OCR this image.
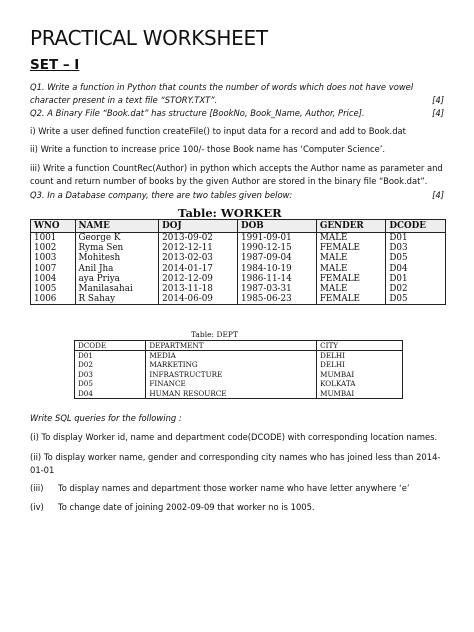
PRACTICAL WORKSHEET
SET – I
Q1. Write a function in Python that counts the number of words which does not have vowel character present in a text file “STORY.TXT”.	[4]
Q2. A Binary File “Book.dat” has structure [BookNo, Book_Name, Author, Price].	[4]
i) Write a user defined function createFile() to input data for a record and add to Book.dat
ii) Write a function to increase price 100/- those Book name has ‘Computer Science’.
iii) Write a function CountRec(Author) in python which accepts the Author name as parameter and count and return number of books by the given Author are stored in the binary file “Book.dat”.
Q3. In a Database company, there are two tables given below:	[4]
Table: WORKER
WNO	NAME	DOJ	DOB	GENDER	DCODE
1001	George K	2013-09-02	1991-09-01	MALE	D01
1002	Ryma Sen	2012-12-11	1990-12-15	FEMALE	D03
1003	Mohitesh	2013-02-03	1987-09-04	MALE	D05
1007	Anil Jha	2014-01-17	1984-10-19	MALE	D04
1004	aya Priya	2012-12-09	1986-11-14	FEMALE	D01
1005	Manilasahai	2013-11-18	1987-03-31	MALE	D02
1006	R Sahay	2014-06-09	1985-06-23	FEMALE	D05
Table: DEPT
DCODE	DEPARTMENT	CITY
D01	MEDIA	DELHI
D02	MARKETING	DELHI
D03	INFRASTRUCTURE	MUMBAI
D05	FINANCE	KOLKATA
D04	HUMAN RESOURCE	MUMBAI
Write SQL queries for the following :
(i) To display Worker id, name and department code(DCODE) with corresponding location names.
(ii) To display worker name, gender and corresponding city names who has joined less than 2014-01-01
(iii) To display names and department those worker name who have letter anywhere ‘e’
(iv) To change date of joining 2002-09-09 that worker no is 1005.
